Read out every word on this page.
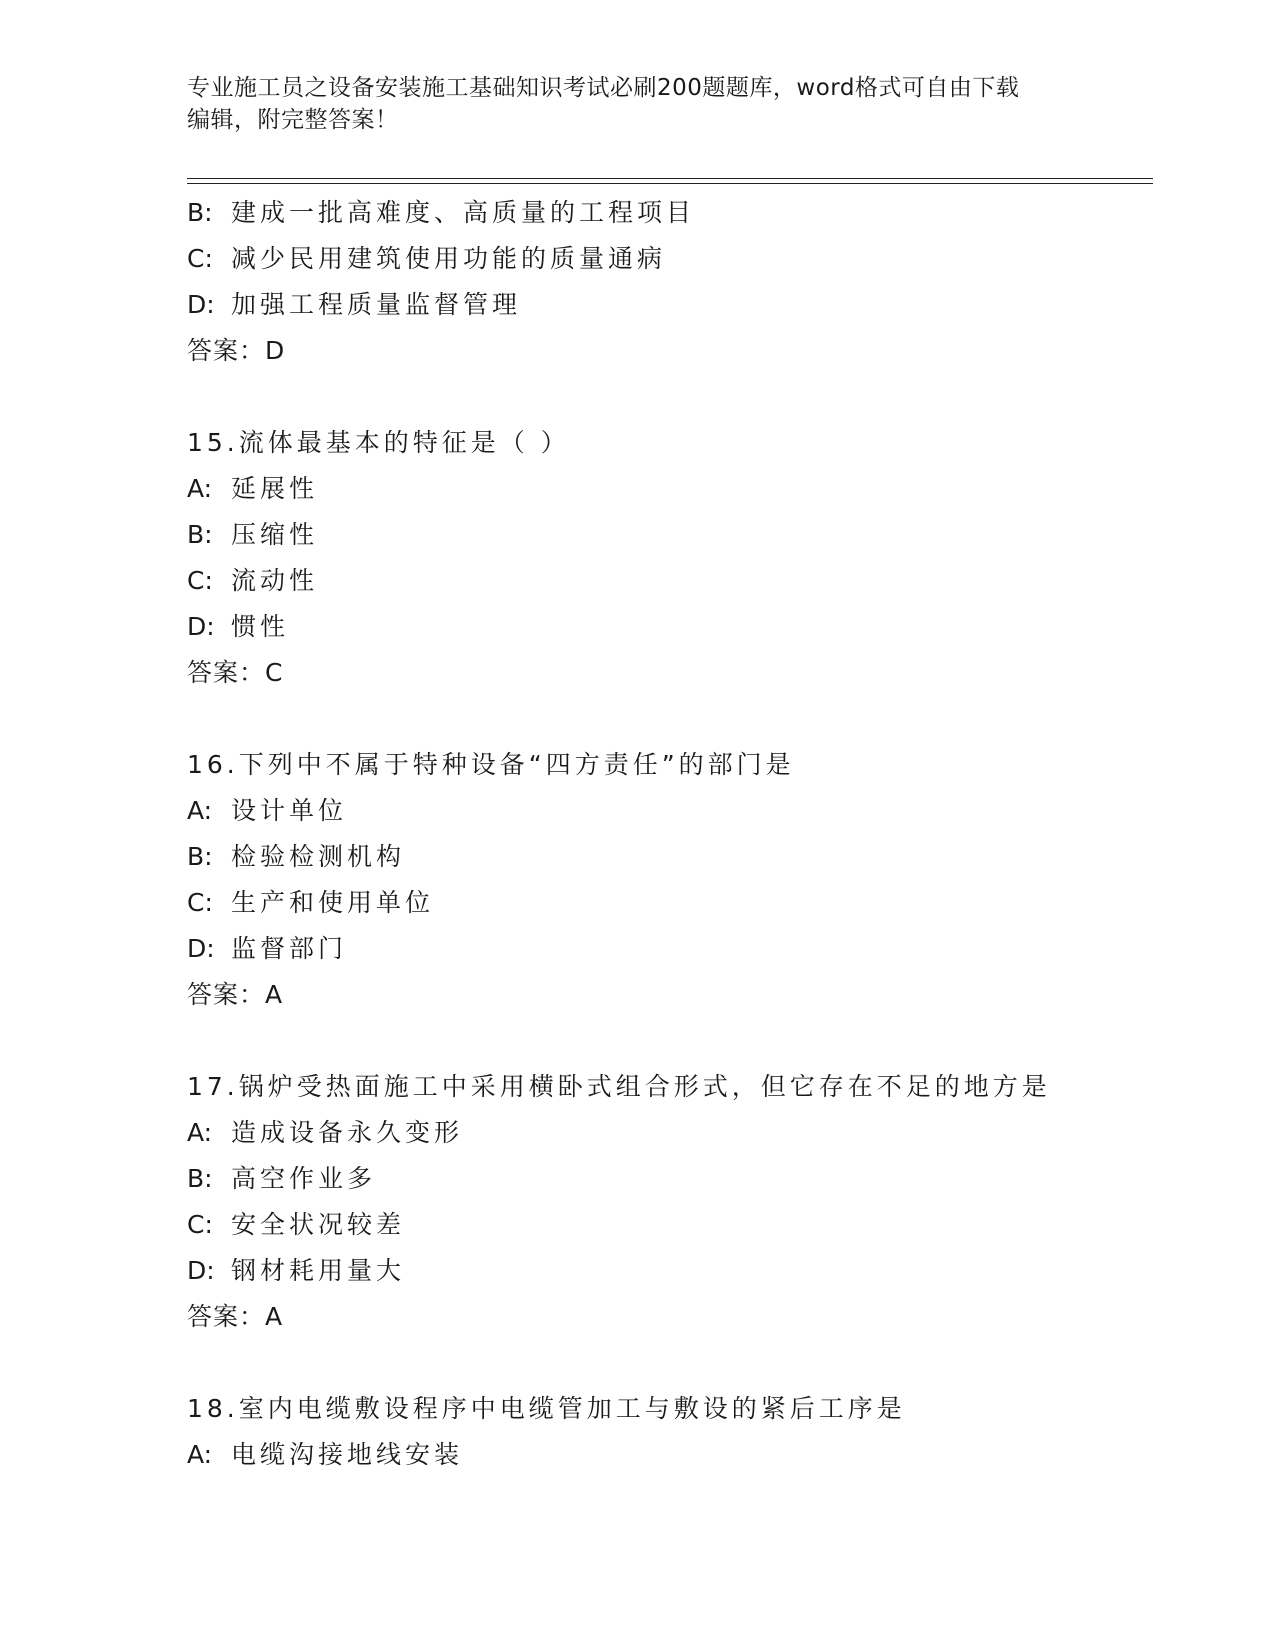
专业施工员之设备安装施工基础知识考试必刷200题题库，word格式可自由下载
编辑，附完整答案！
B: 建成一批高难度、高质量的工程项目
C: 减少民用建筑使用功能的质量通病
D: 加强工程质量监督管理
答案：D
15.流体最基本的特征是（ ）
A: 延展性
B: 压缩性
C: 流动性
D: 惯性
答案：C
16.下列中不属于特种设备“四方责任”的部门是
A: 设计单位
B: 检验检测机构
C: 生产和使用单位
D: 监督部门
答案：A
17.锅炉受热面施工中采用横卧式组合形式，但它存在不足的地方是
A: 造成设备永久变形
B: 高空作业多
C: 安全状况较差
D: 钢材耗用量大
答案：A
18.室内电缆敷设程序中电缆管加工与敷设的紧后工序是
A: 电缆沟接地线安装
